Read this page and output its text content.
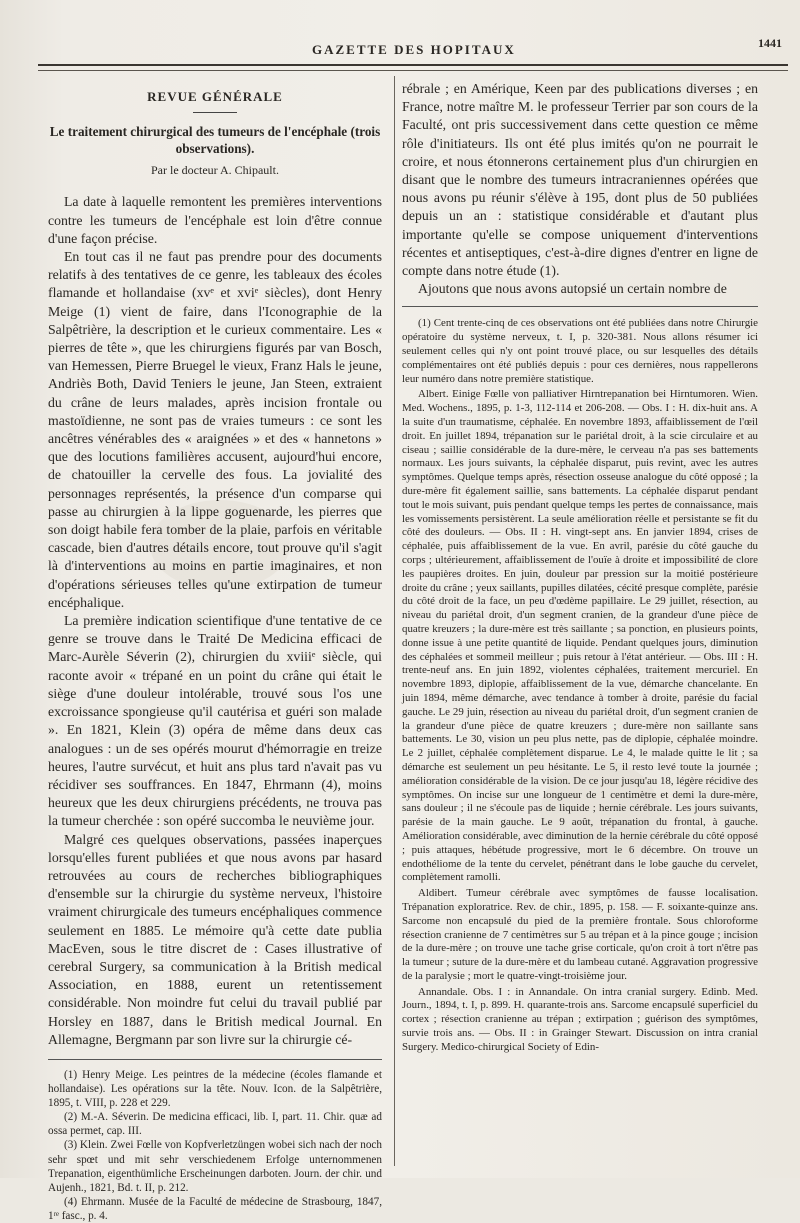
GAZETTE DES HOPITAUX	1441
REVUE GÉNÉRALE
Le traitement chirurgical des tumeurs de l'encéphale (trois observations).
Par le docteur A. Chipault.

La date à laquelle remontent les premières interventions contre les tumeurs de l'encéphale est loin d'être connue d'une façon précise.

En tout cas il ne faut pas prendre pour des documents relatifs à des tentatives de ce genre, les tableaux des écoles flamande et hollandaise (xvᵉ et xviᵉ siècles), dont Henry Meige (1) vient de faire, dans l'Iconographie de la Salpêtrière, la description et le curieux commentaire. Les « pierres de tête », que les chirurgiens figurés par van Bosch, van Hemessen, Pierre Bruegel le vieux, Franz Hals le jeune, Andriès Both, David Teniers le jeune, Jan Steen, extraient du crâne de leurs malades, après incision frontale ou mastoïdienne, ne sont pas de vraies tumeurs : ce sont les ancêtres vénérables des « araignées » et des « hannetons » que des locutions familières accusent, aujourd'hui encore, de chatouiller la cervelle des fous. La jovialité des personnages représentés, la présence d'un comparse qui passe au chirurgien à la lippe goguenarde, les pierres que son doigt habile fera tomber de la plaie, parfois en véritable cascade, bien d'autres détails encore, tout prouve qu'il s'agit là d'interventions au moins en partie imaginaires, et non d'opérations sérieuses telles qu'une extirpation de tumeur encéphalique.

La première indication scientifique d'une tentative de ce genre se trouve dans le Traité De Medicina efficaci de Marc-Aurèle Séverin (2), chirurgien du xviiiᵉ siècle, qui raconte avoir « trépané en un point du crâne qui était le siège d'une douleur intolérable, trouvé sous l'os une excroissance spongieuse qu'il cautérisa et guéri son malade ». En 1821, Klein (3) opéra de même dans deux cas analogues : un de ses opérés mourut d'hémorragie en treize heures, l'autre survécut, et huit ans plus tard n'avait pas vu récidiver ses souffrances. En 1847, Ehrmann (4), moins heureux que les deux chirurgiens précédents, ne trouva pas la tumeur cherchée : son opéré succomba le neuvième jour.

Malgré ces quelques observations, passées inaperçues lorsqu'elles furent publiées et que nous avons par hasard retrouvées au cours de recherches bibliographiques d'ensemble sur la chirurgie du système nerveux, l'histoire vraiment chirurgicale des tumeurs encéphaliques commence seulement en 1885. Le mémoire qu'à cette date publia MacEven, sous le titre discret de : Cases illustrative of cerebral Surgery, sa communication à la British medical Association, en 1888, eurent un retentissement considérable. Non moindre fut celui du travail publié par Horsley en 1887, dans le British medical Journal. En Allemagne, Bergmann par son livre sur la chirurgie cé-

(1) Henry Meige. Les peintres de la médecine (écoles flamande et hollandaise). Les opérations sur la tête. Nouv. Icon. de la Salpêtrière, 1895, t. VIII, p. 228 et 229.

(2) M.-A. Séverin. De medicina efficaci, lib. I, part. 11. Chir. quæ ad ossa permet, cap. III.

(3) Klein. Zwei Fœlle von Kopfverletzüngen wobei sich nach der noch sehr spœt und mit sehr verschiedenem Erfolge unternommenen Trepanation, eigenthümliche Erscheinungen darboten. Journ. der chir. und Aujenh., 1821, Bd. t. II, p. 212.

(4) Ehrmann. Musée de la Faculté de médecine de Strasbourg, 1847, 1ʳᵉ fasc., p. 4.

rébrale ; en Amérique, Keen par des publications diverses ; en France, notre maître M. le professeur Terrier par son cours de la Faculté, ont pris successivement dans cette question ce même rôle d'initiateurs. Ils ont été plus imités qu'on ne pourrait le croire, et nous étonnerons certainement plus d'un chirurgien en disant que le nombre des tumeurs intracraniennes opérées que nous avons pu réunir s'élève à 195, dont plus de 50 publiées depuis un an : statistique considérable et d'autant plus importante qu'elle se compose uniquement d'interventions récentes et antiseptiques, c'est-à-dire dignes d'entrer en ligne de compte dans notre étude (1).

Ajoutons que nous avons autopsié un certain nombre de

(1) Cent trente-cinq de ces observations ont été publiées dans notre Chirurgie opératoire du système nerveux, t. I, p. 320-381. Nous allons résumer ici seulement celles qui n'y ont point trouvé place, ou sur lesquelles des détails complémentaires ont été publiés depuis : pour ces dernières, nous rappellerons leur numéro dans notre première statistique.

Albert. Einige Fœlle von palliativer Hirntrepanation bei Hirntumoren. Wien. Med. Wochens., 1895, p. 1-3, 112-114 et 206-208. — Obs. I : H. dix-huit ans. A la suite d'un traumatisme, céphalée. En novembre 1893, affaiblissement de l'œil droit. En juillet 1894, trépanation sur le pariétal droit, à la scie circulaire et au ciseau ; saillie considérable de la dure-mère, le cerveau n'a pas ses battements normaux. Les jours suivants, la céphalée disparut, puis revint, avec les autres symptômes. Quelque temps après, résection osseuse analogue du côté opposé ; la dure-mère fit également saillie, sans battements. La céphalée disparut pendant tout le mois suivant, puis pendant quelque temps les pertes de connaissance, mais les vomissements persistèrent. La seule amélioration réelle et persistante se fit du côté des douleurs. — Obs. II : H. vingt-sept ans. En janvier 1894, crises de céphalée, puis affaiblissement de la vue. En avril, parésie du côté gauche du corps ; ultérieurement, affaiblissement de l'ouïe à droite et impossibilité de clore les paupières droites. En juin, douleur par pression sur la moitié postérieure droite du crâne ; yeux saillants, pupilles dilatées, cécité presque complète, parésie du côté droit de la face, un peu d'œdème papillaire. Le 29 juillet, résection, au niveau du pariétal droit, d'un segment cranien, de la grandeur d'une pièce de quatre kreuzers ; la dure-mère est très saillante ; sa ponction, en plusieurs points, donne issue à une petite quantité de liquide. Pendant quelques jours, diminution des céphalées et sommeil meilleur ; puis retour à l'état antérieur. — Obs. III : H. trente-neuf ans. En juin 1892, violentes céphalées, traitement mercuriel. En novembre 1893, diplopie, affaiblissement de la vue, démarche chancelante. En juin 1894, même démarche, avec tendance à tomber à droite, parésie du facial gauche. Le 29 juin, résection au niveau du pariétal droit, d'un segment cranien de la grandeur d'une pièce de quatre kreuzers ; dure-mère non saillante sans battements. Le 30, vision un peu plus nette, pas de diplopie, céphalée moindre. Le 2 juillet, céphalée complètement disparue. Le 4, le malade quitte le lit ; sa démarche est seulement un peu hésitante. Le 5, il resto levé toute la journée ; amélioration considérable de la vision. De ce jour jusqu'au 18, légère récidive des symptômes. On incise sur une longueur de 1 centimètre et demi la dure-mère, sans douleur ; il ne s'écoule pas de liquide ; hernie cérébrale. Les jours suivants, parésie de la main gauche. Le 9 août, trépanation du frontal, à gauche. Amélioration considérable, avec diminution de la hernie cérébrale du côté opposé ; puis attaques, hébétude progressive, mort le 6 décembre. On trouve un endothéliome de la tente du cervelet, pénétrant dans le lobe gauche du cervelet, complètement ramolli.

Aldibert. Tumeur cérébrale avec symptômes de fausse localisation. Trépanation exploratrice. Rev. de chir., 1895, p. 158. — F. soixante-quinze ans. Sarcome non encapsulé du pied de la première frontale. Sous chloroforme résection cranienne de 7 centimètres sur 5 au trépan et à la pince gouge ; incision de la dure-mère ; on trouve une tache grise corticale, qu'on croit à tort n'être pas la tumeur ; suture de la dure-mère et du lambeau cutané. Aggravation progressive de la paralysie ; mort le quatre-vingt-troisième jour.

Annandale. Obs. I : in Annandale. On intra cranial surgery. Edinb. Med. Journ., 1894, t. I, p. 899. H. quarante-trois ans. Sarcome encapsulé superficiel du cortex ; résection cranienne au trépan ; extirpation ; guérison des symptômes, survie trois ans. — Obs. II : in Grainger Stewart. Discussion on intra cranial Surgery. Medico-chirurgical Society of Edin-
